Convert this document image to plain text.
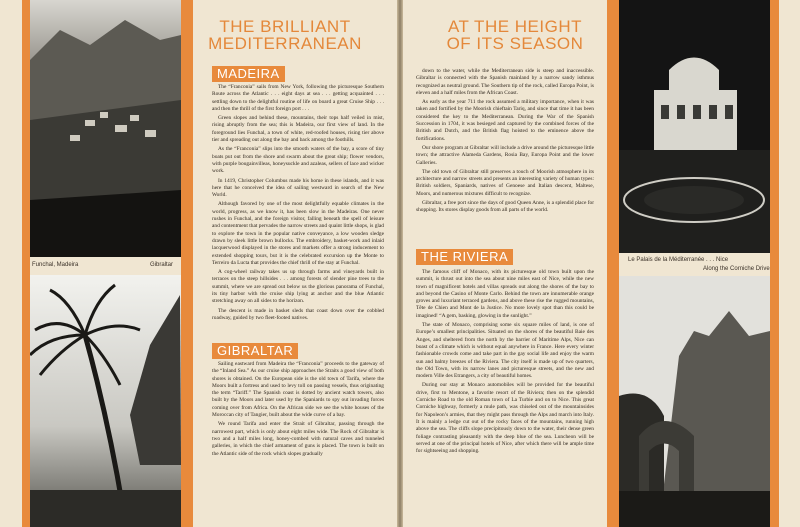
Funchal, Madeira	Gibraltar
THE BRILLIANT
MEDITERRANEAN
MADEIRA

The “Franconia” sails from New York, following the picturesque Southern Route across the Atlantic . . . eight days at sea . . . getting acquainted . . . settling down to the delightful routine of life on board a great Cruise Ship . . . and then the thrill of the first foreign port . . .

Green slopes and behind these, mountains, their tops half veiled in mist, rising abruptly from the sea; this is Madeira, our first view of land. In the foreground lies Funchal, a town of white, red-roofed houses, rising tier above tier and spreading out along the bay and back among the foothills.

As the “Franconia” slips into the smooth waters of the bay, a score of tiny boats put out from the shore and swarm about the great ship; flower vendors, with purple bougainvilleas, honeysuckle and azaleas, sellers of lace and wicker work.

In 1419, Christopher Columbus made his home in these islands, and it was here that he conceived the idea of sailing westward in search of the New World.

Although favored by one of the most delightfully equable climates in the world, progress, as we know it, has been slow in the Madeiras. One never rushes in Funchal, and the foreign visitor, falling beneath the spell of leisure and contentment that pervades the narrow streets and quaint little shops, is glad to explore the town in the popular native conveyance, a low wooden sledge drawn by sleek little brown bullocks. The embroidery, basket-work and inlaid lacquerwood displayed in the stores and markets offer a strong inducement to extended shopping tours, but it is the celebrated excursion up the Monte to Terreiro da Lucta that provides the chief thrill of the stay at Funchal.

A cog-wheel railway takes us up through farms and vineyards built in terraces on the steep hillsides . . . among forests of slender pine trees to the summit, where we are spread out below us the glorious panorama of Funchal, its tiny harbor with the cruise ship lying at anchor and the blue Atlantic stretching away on all sides to the horizon.

The descent is made in basket sleds that coast down over the cobbled roadway, guided by two fleet-footed natives.

GIBRALTAR

Sailing eastward from Madeira the “Franconia” proceeds to the gateway of the “Inland Sea.” As our cruise ship approaches the Straits a good view of both shores is obtained. On the European side is the old town of Tarifa, where the Moors built a fortress and used to levy toll on passing vessels, thus originating the term “Tariff.” The Spanish coast is dotted by ancient watch towers, also built by the Moors and later used by the Spaniards to spy out invading forces coming over from Africa. On the African side we see the white houses of the Moroccan city of Tangier, built about the wide curve of a bay.

We round Tarifa and enter the Strait of Gibraltar, passing through the narrowest part, which is only about eight miles wide. The Rock of Gibraltar is two and a half miles long, honey-combed with natural caves and tunneled galleries, in which the chief armament of guns is placed. The town is built on the Atlantic side of the rock which slopes gradually

AT THE HEIGHT
OF ITS SEASON

down to the water, while the Mediterranean side is steep and inaccessible. Gibraltar is connected with the Spanish mainland by a narrow sandy isthmus recognized as neutral ground. The Southern tip of the rock, called Europa Point, is eleven and a half miles from the African Coast.

As early as the year 711 the rock assumed a military importance, when it was taken and fortified by the Moorish chieftain Tariq, and since that time it has been considered the key to the Mediterranean. During the War of the Spanish Succession in 1704, it was besieged and captured by the combined forces of the British and Dutch, and the British flag hoisted to the eminence above the fortifications.

Our shore program at Gibraltar will include a drive around the picturesque little town; the attractive Alameda Gardens, Rosia Bay, Europa Point and the lower Galleries.

The old town of Gibraltar still preserves a touch of Moorish atmosphere in its architecture and narrow streets and presents an interesting variety of human types: British soldiers, Spaniards, natives of Genoese and Italian descent, Maltese, Moors, and numerous mixtures difficult to recognize.

Gibraltar, a free port since the days of good Queen Anne, is a splendid place for shopping. Its stores display goods from all parts of the world.

THE RIVIERA

The famous cliff of Monaco, with its picturesque old town built upon the summit, is thrust out into the sea about nine miles east of Nice, while the new town of magnificent hotels and villas spreads out along the shores of the bay to and beyond the Casino of Monte Carlo. Behind the town are innumerable orange groves and luxuriant terraced gardens, and above these rise the rugged mountains, Tête de Chien and Mont de la Justice. No more lovely spot than this could be imagined! “A gem, basking, glowing in the sunlight.”

The state of Monaco, comprising some six square miles of land, is one of Europe’s smallest principalities. Situated on the shores of the beautiful Baie des Anges, and sheltered from the north by the barrier of Maritime Alps, Nice can boast of a climate which is without equal anywhere in France. Here every winter fashionable crowds come and take part in the gay social life and enjoy the warm sun and balmy breezes of the Riviera. The city itself is made up of two quarters, the Old Town, with its narrow lanes and picturesque streets, and the new and modern Ville des Etrangers, a city of beautiful homes.

During our stay at Monaco automobiles will be provided for the beautiful drive, first to Mentone, a favorite resort of the Riviera; then on the splendid Corniche Road to the old Roman town of La Turbie and on to Nice. This great Corniche highway, formerly a mule path, was chiseled out of the mountainsides for Napoleon’s armies, that they might pass through the Alps and march into Italy. It is mainly a ledge cut out of the rocky faces of the mountains, running high above the sea. The cliffs slope precipitously down to the water, their dense green foliage contrasting pleasantly with the deep blue of the sea. Luncheon will be served at one of the principal hotels of Nice, after which there will be ample time for sightseeing and shopping.

Le Palais de la Méditerranée . . . Nice
Along the Corniche Drive
